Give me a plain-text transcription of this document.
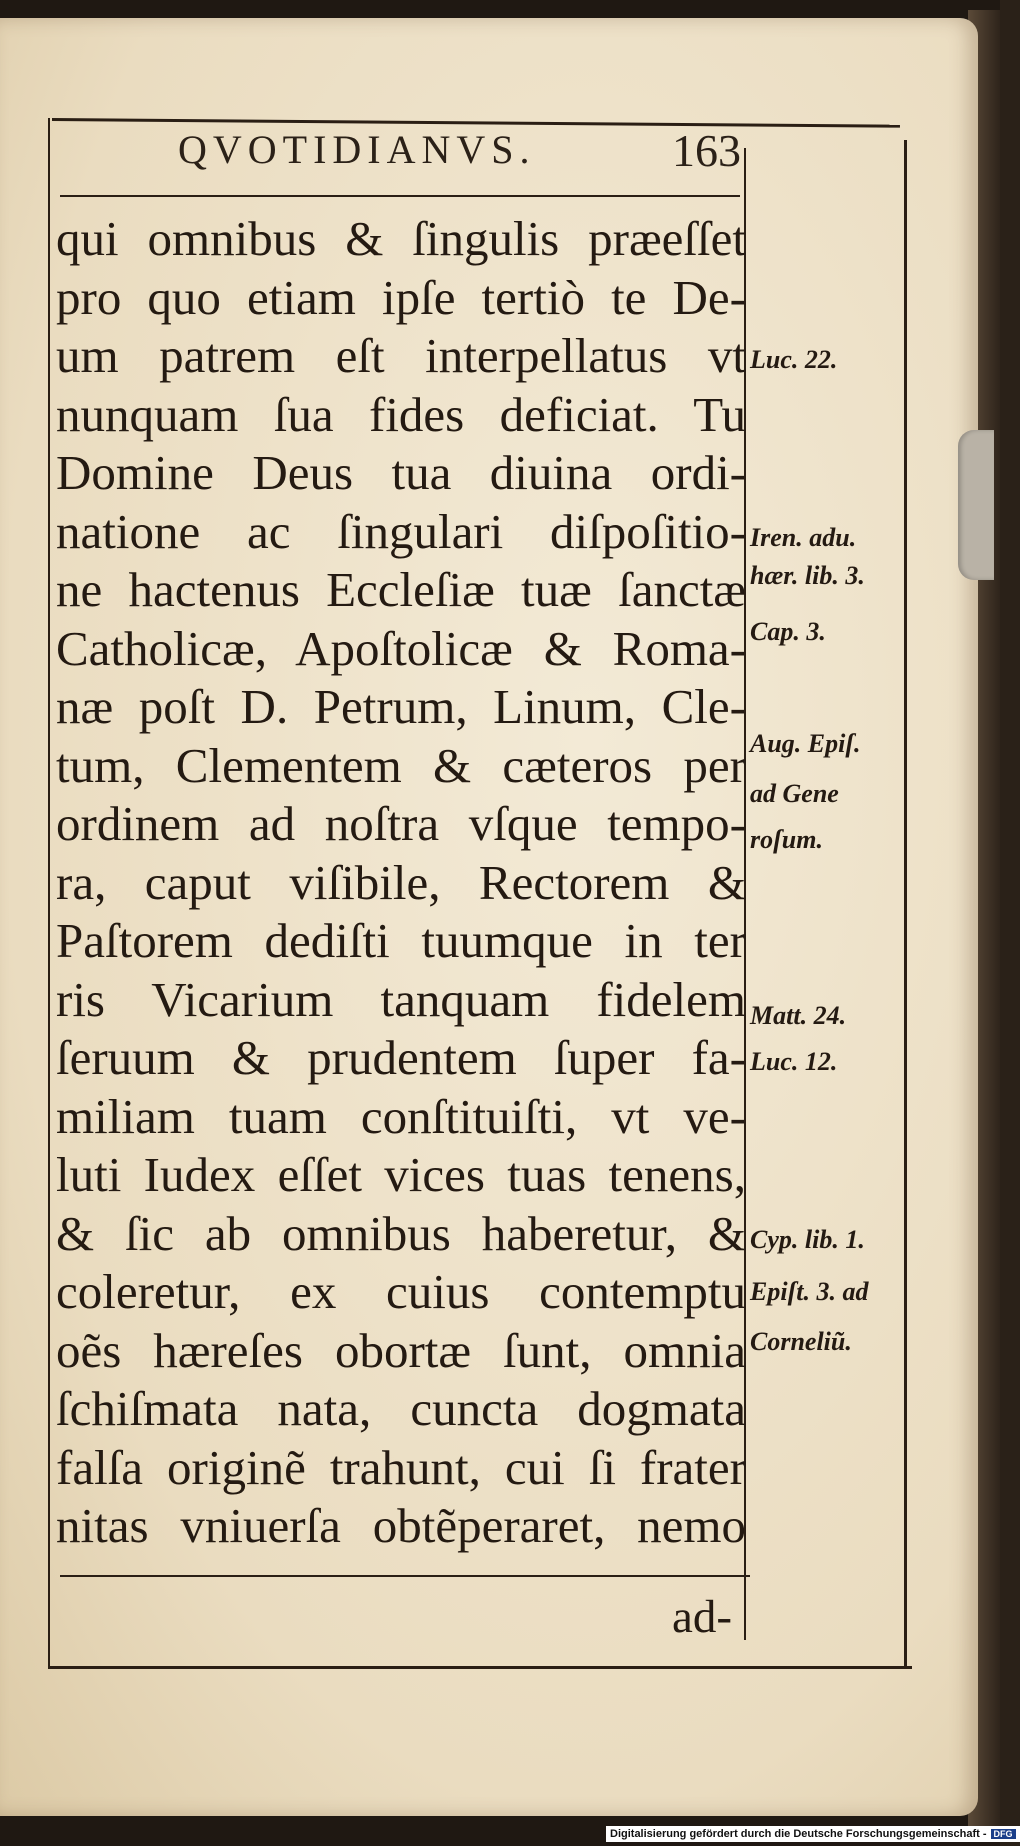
QVOTIDIANVS.	163
qui omnibus & ſingulis præeſſet
pro quo etiam ipſe tertiò te De-
um patrem eſt interpellatus vt
nunquam ſua fides deficiat. Tu
Domine Deus tua diuina ordi-
natione ac ſingulari diſpoſitio-
ne hactenus Eccleſiæ tuæ ſanctæ
Catholicæ, Apoſtolicæ & Roma-
næ poſt D. Petrum, Linum, Cle-
tum, Clementem & cæteros per
ordinem ad noſtra vſque tempo-
ra, caput viſibile, Rectorem &
Paſtorem dediſti tuumque in ter
ris Vicarium tanquam fidelem
ſeruum & prudentem ſuper fa-
miliam tuam conſtituiſti, vt ve-
luti Iudex eſſet vices tuas tenens,
& ſic ab omnibus haberetur, &
coleretur, ex cuius contemptu
oẽs hæreſes obortæ ſunt, omnia
ſchiſmata nata, cuncta dogmata
falſa originẽ trahunt, cui ſi frater
nitas vniuerſa obtẽperaret, nemo
ad-
Luc. 22.
Iren. adu.
hær. lib. 3.
Cap. 3.
Aug. Epiſ.
ad Gene
roſum.
Matt. 24.
Luc. 12.
Cyp. lib. 1.
Epiſt. 3. ad
Corneliũ.
Digitalisierung gefördert durch die Deutsche Forschungsgemeinschaft - DFG
